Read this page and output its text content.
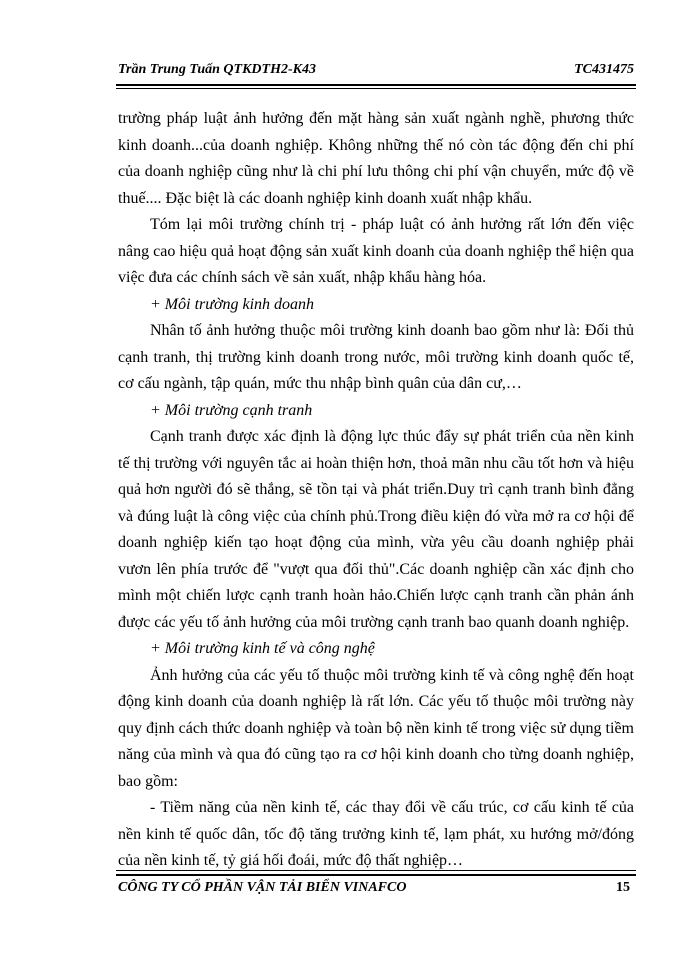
Trần Trung Tuấn QTKDTH2-K43	TC431475

trường pháp luật ảnh hưởng đến mặt hàng sản xuất ngành nghề, phương thức kinh doanh...của doanh nghiệp. Không những thế nó còn tác động đến chi phí của doanh nghiệp cũng như là chi phí lưu thông chi phí vận chuyển, mức độ về thuế.... Đặc biệt là các doanh nghiệp kinh doanh xuất nhập khẩu.

Tóm lại môi trường chính trị - pháp luật có ảnh hưởng rất lớn đến việc nâng cao hiệu quả hoạt động sản xuất kinh doanh của doanh nghiệp thể hiện qua việc đưa các chính sách về sản xuất, nhập khẩu hàng hóa.

+ Môi trường kinh doanh

Nhân tố ảnh hưởng thuộc môi trường kinh doanh bao gồm như là: Đối thủ cạnh tranh, thị trường kinh doanh trong nước, môi trường kinh doanh quốc tế, cơ cấu ngành, tập quán, mức thu nhập bình quân của dân cư,…

+ Môi trường cạnh tranh

Cạnh tranh được xác định là động lực thúc đẩy sự phát triển của nền kinh tế thị trường với nguyên tắc ai hoàn thiện hơn, thoả mãn nhu cầu tốt hơn và hiệu quả hơn người đó sẽ thắng, sẽ tồn tại và phát triển.Duy trì cạnh tranh bình đẳng và đúng luật là công việc của chính phủ.Trong điều kiện đó vừa mở ra cơ hội để doanh nghiệp kiến tạo hoạt động của mình, vừa yêu cầu doanh nghiệp phải vươn lên phía trước để "vượt qua đối thủ".Các doanh nghiệp cần xác định cho mình một chiến lược cạnh tranh hoàn hảo.Chiến lược cạnh tranh cần phản ánh được các yếu tố ảnh hưởng của môi trường cạnh tranh bao quanh doanh nghiệp.

+ Môi trường kinh tế và công nghệ

Ảnh hưởng của các yếu tố thuộc môi trường kinh tế và công nghệ đến hoạt động kinh doanh của doanh nghiệp là rất lớn. Các yếu tố thuộc môi trường này quy định cách thức doanh nghiệp và toàn bộ nền kinh tế trong việc sử dụng tiềm năng của mình và qua đó cũng tạo ra cơ hội kinh doanh cho từng doanh nghiệp, bao gồm:

- Tiềm năng của nền kinh tế, các thay đổi về cấu trúc, cơ cấu kinh tế của nền kinh tế quốc dân, tốc độ tăng trưởng kinh tế, lạm phát, xu hướng mở/đóng của nền kinh tế, tỷ giá hối đoái, mức độ thất nghiệp…

CÔNG TY CỔ PHẦN VẬN TẢI BIỂN VINAFCO	15
